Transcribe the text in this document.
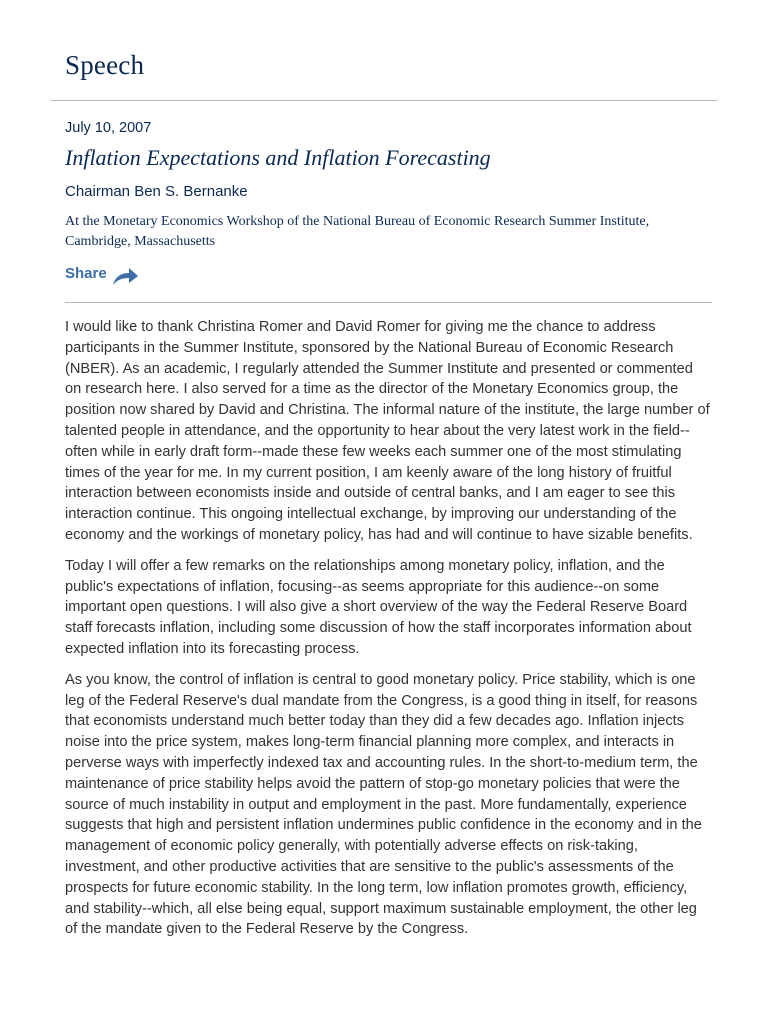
Speech
July 10, 2007
Inflation Expectations and Inflation Forecasting
Chairman Ben S. Bernanke
At the Monetary Economics Workshop of the National Bureau of Economic Research Summer Institute, Cambridge, Massachusetts
Share

I would like to thank Christina Romer and David Romer for giving me the chance to address participants in the Summer Institute, sponsored by the National Bureau of Economic Research (NBER). As an academic, I regularly attended the Summer Institute and presented or commented on research here. I also served for a time as the director of the Monetary Economics group, the position now shared by David and Christina. The informal nature of the institute, the large number of talented people in attendance, and the opportunity to hear about the very latest work in the field--often while in early draft form--made these few weeks each summer one of the most stimulating times of the year for me. In my current position, I am keenly aware of the long history of fruitful interaction between economists inside and outside of central banks, and I am eager to see this interaction continue. This ongoing intellectual exchange, by improving our understanding of the economy and the workings of monetary policy, has had and will continue to have sizable benefits.

Today I will offer a few remarks on the relationships among monetary policy, inflation, and the public's expectations of inflation, focusing--as seems appropriate for this audience--on some important open questions. I will also give a short overview of the way the Federal Reserve Board staff forecasts inflation, including some discussion of how the staff incorporates information about expected inflation into its forecasting process.

As you know, the control of inflation is central to good monetary policy. Price stability, which is one leg of the Federal Reserve's dual mandate from the Congress, is a good thing in itself, for reasons that economists understand much better today than they did a few decades ago. Inflation injects noise into the price system, makes long-term financial planning more complex, and interacts in perverse ways with imperfectly indexed tax and accounting rules. In the short-to-medium term, the maintenance of price stability helps avoid the pattern of stop-go monetary policies that were the source of much instability in output and employment in the past. More fundamentally, experience suggests that high and persistent inflation undermines public confidence in the economy and in the management of economic policy generally, with potentially adverse effects on risk-taking, investment, and other productive activities that are sensitive to the public's assessments of the prospects for future economic stability. In the long term, low inflation promotes growth, efficiency, and stability--which, all else being equal, support maximum sustainable employment, the other leg of the mandate given to the Federal Reserve by the Congress.
